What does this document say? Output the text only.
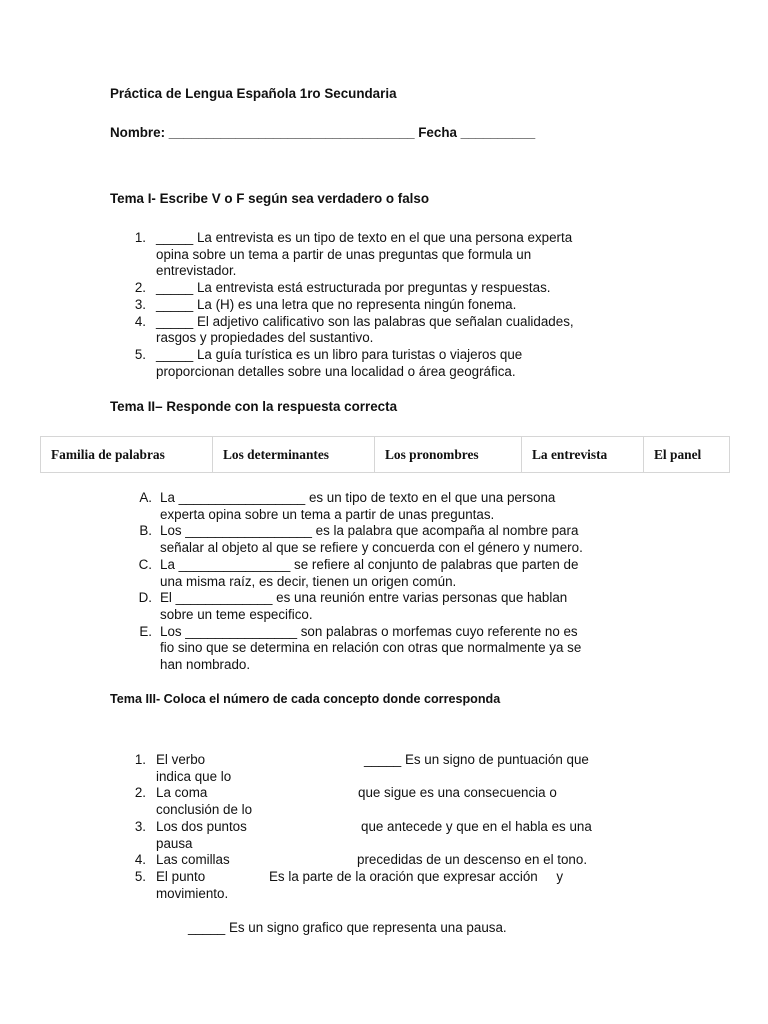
Práctica de Lengua Española 1ro Secundaria
Nombre: _________________________________ Fecha __________
Tema I- Escribe V o F según sea verdadero o falso
1. _____ La entrevista es un tipo de texto en el que una persona experta
opina sobre un tema a partir de unas preguntas que formula un
entrevistador.
2. _____ La entrevista está estructurada por preguntas y respuestas.
3. _____ La (H) es una letra que no representa ningún fonema.
4. _____ El adjetivo calificativo son las palabras que señalan cualidades,
rasgos y propiedades del sustantivo.
5. _____ La guía turística es un libro para turistas o viajeros que
proporcionan detalles sobre una localidad o área geográfica.
Tema II– Responde con la respuesta correcta
Familia de palabras	Los determinantes	Los pronombres	La entrevista	El panel
A. La _________________ es un tipo de texto en el que una persona
experta opina sobre un tema a partir de unas preguntas.
B. Los _________________ es la palabra que acompaña al nombre para
señalar al objeto al que se refiere y concuerda con el género y numero.
C. La _______________ se refiere al conjunto de palabras que parten de
una misma raíz, es decir, tienen un origen común.
D. El _____________ es una reunión entre varias personas que hablan
sobre un teme especifico.
E. Los _______________ son palabras o morfemas cuyo referente no es
fio sino que se determina en relación con otras que normalmente ya se
han nombrado.
Tema III- Coloca el número de cada concepto donde corresponda
1. El verbo	_____ Es un signo de puntuación que
indica que lo
2. La coma	que sigue es una consecuencia o
conclusión de lo
3. Los dos puntos	que antecede y que en el habla es una
pausa
4. Las comillas	precedidas de un descenso en el tono.
5. El punto	Es la parte de la oración que expresar acción     y
movimiento.
_____ Es un signo grafico que representa una pausa.
